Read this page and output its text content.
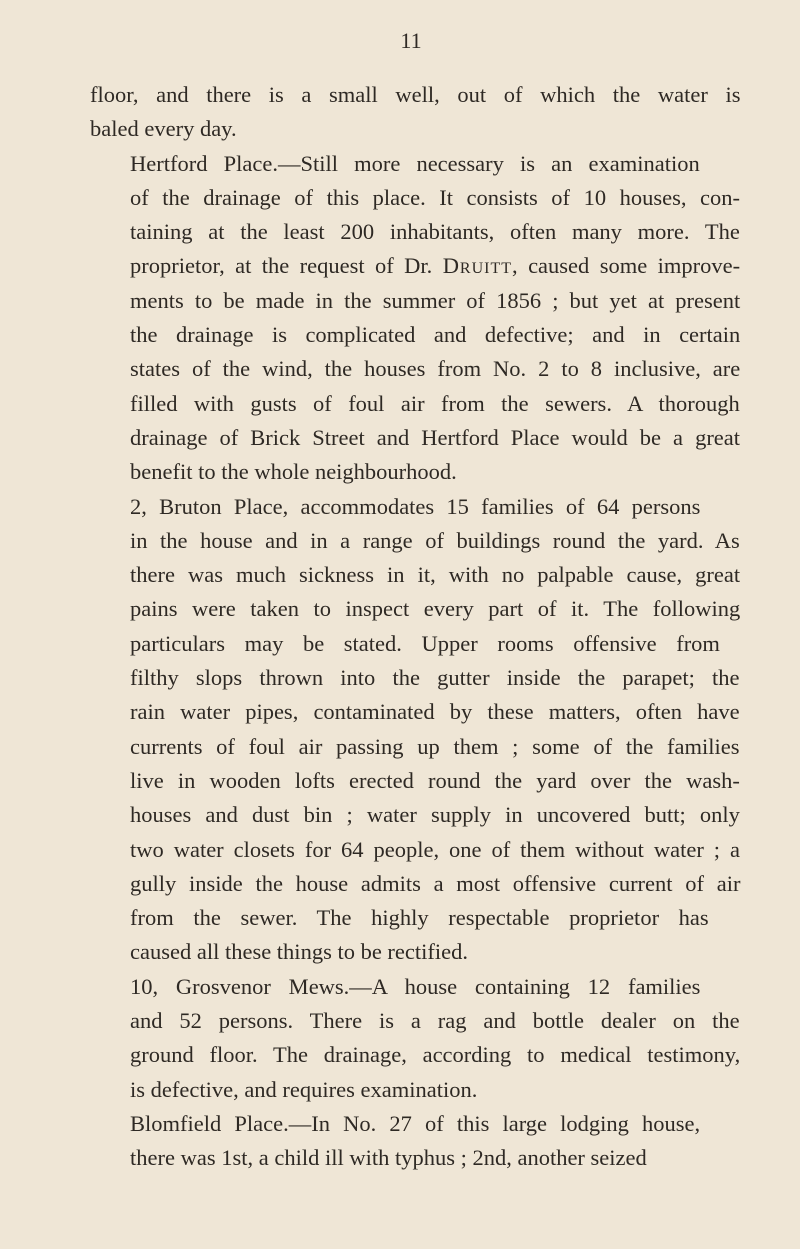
11

floor, and there is a small well, out of which the water is
baled every day.

Hertford Place.—Still more necessary is an examination
of the drainage of this place. It consists of 10 houses, con-
taining at the least 200 inhabitants, often many more. The
proprietor, at the request of Dr. Druitt, caused some improve-
ments to be made in the summer of 1856 ; but yet at present
the drainage is complicated and defective; and in certain
states of the wind, the houses from No. 2 to 8 inclusive, are
filled with gusts of foul air from the sewers. A thorough
drainage of Brick Street and Hertford Place would be a great
benefit to the whole neighbourhood.

2, Bruton Place, accommodates 15 families of 64 persons
in the house and in a range of buildings round the yard. As
there was much sickness in it, with no palpable cause, great
pains were taken to inspect every part of it. The following
particulars may be stated. Upper rooms offensive from
filthy slops thrown into the gutter inside the parapet; the
rain water pipes, contaminated by these matters, often have
currents of foul air passing up them ; some of the families
live in wooden lofts erected round the yard over the wash-
houses and dust bin ; water supply in uncovered butt; only
two water closets for 64 people, one of them without water ; a
gully inside the house admits a most offensive current of air
from the sewer. The highly respectable proprietor has
caused all these things to be rectified.

10, Grosvenor Mews.—A house containing 12 families
and 52 persons. There is a rag and bottle dealer on the
ground floor. The drainage, according to medical testimony,
is defective, and requires examination.

Blomfield Place.—In No. 27 of this large lodging house,
there was 1st, a child ill with typhus ; 2nd, another seized
